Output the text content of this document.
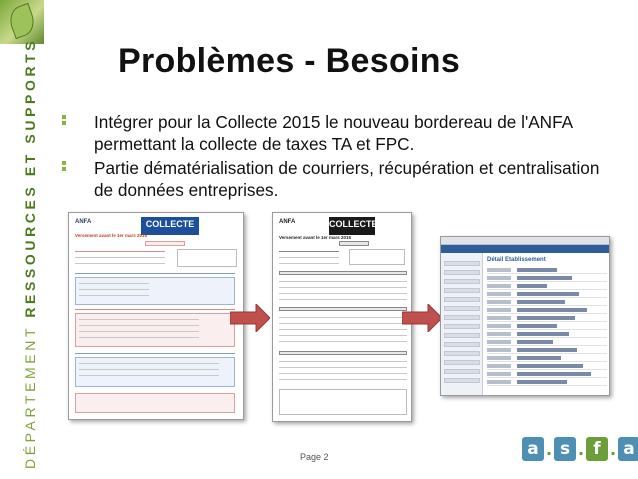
DÉPARTEMENT RESSOURCES ET SUPPORTS Problèmes - Besoins
Intégrer pour la Collecte 2015 le nouveau bordereau de l'ANFA permettant la collecte de taxes TA et FPC.
Partie dématérialisation de courriers, récupération et centralisation de données entreprises.
ANFA	COLLECTE
Versement avant le 1er mars 2015
ANFA	COLLECTE
Versement avant le 1er mars 2015
Détail Etablissement
Page 2	a . s . f . a
